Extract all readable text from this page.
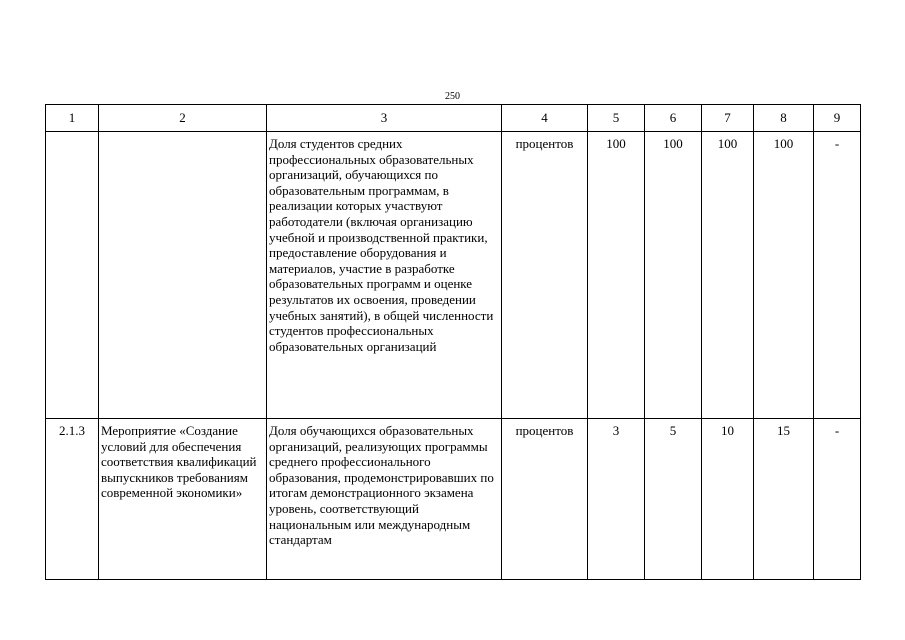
250
1	2	3	4	5	6	7	8	9
		Доля студентов средних профессиональных образовательных организаций, обучающихся по образовательным программам, в реализации которых участвуют работодатели (включая организацию учебной и производственной практики, предоставление оборудования и материалов, участие в разработке образовательных программ и оценке результатов их освоения, проведении учебных занятий), в общей численности студентов профессиональных образовательных организаций	процентов	100	100	100	100	-
2.1.3	Мероприятие «Создание условий для обеспечения соответствия квалификаций выпускников требованиям современной экономики»	Доля обучающихся образовательных организаций, реализующих программы среднего профессионального образования, продемонстрировавших по итогам демонстрационного экзамена уровень, соответствующий национальным или международным стандартам	процентов	3	5	10	15	-
